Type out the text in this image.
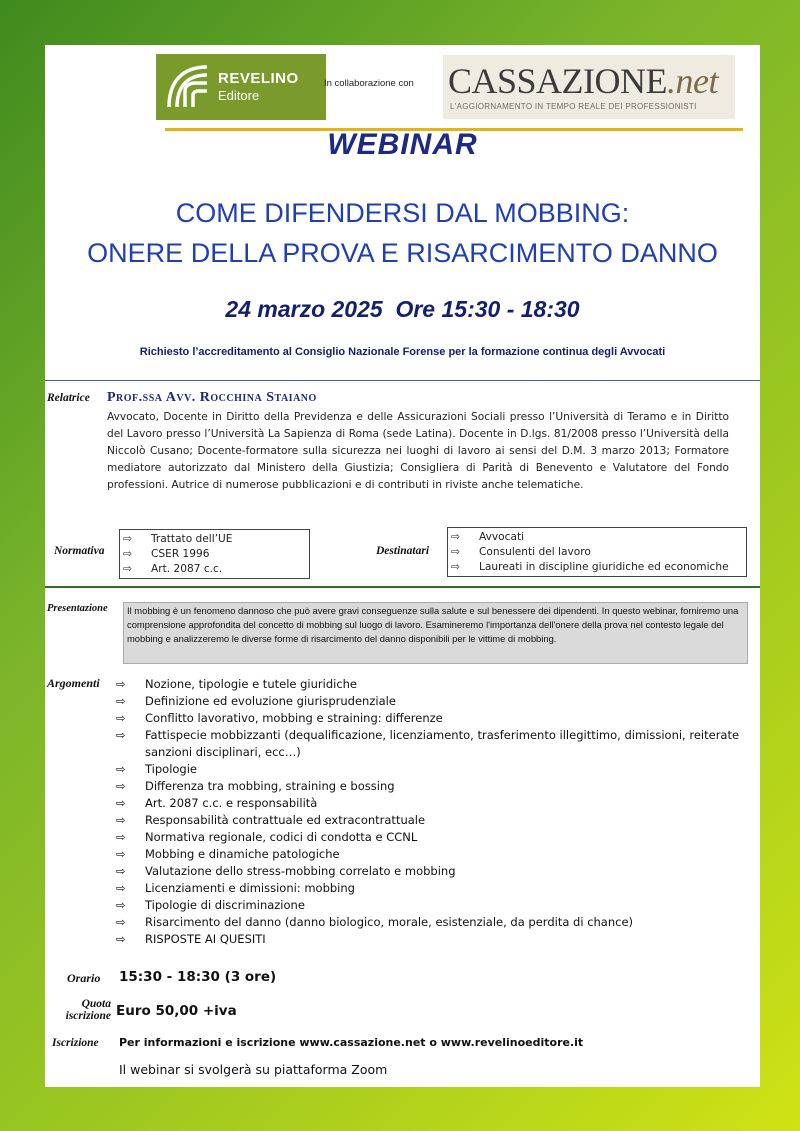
REVELINO
Editore
In collaborazione con CASSAZIONE.net
L'AGGIORNAMENTO IN TEMPO REALE DEI PROFESSIONISTI
WEBINAR
COME DIFENDERSI DAL MOBBING:
ONERE DELLA PROVA E RISARCIMENTO DANNO
24 marzo 2025  Ore 15:30 - 18:30
Richiesto l’accreditamento al Consiglio Nazionale Forense per la formazione continua degli Avvocati
Relatrice Prof.ssa Avv. Rocchina Staiano
Avvocato, Docente in Diritto della Previdenza e delle Assicurazioni Sociali presso l’Università di Teramo e in Diritto del Lavoro presso l’Università La Sapienza di Roma (sede Latina). Docente in D.lgs. 81/2008 presso l’Università della Niccolò Cusano; Docente-formatore sulla sicurezza nei luoghi di lavoro ai sensi del D.M. 3 marzo 2013; Formatore mediatore autorizzato dal Ministero della Giustizia; Consigliera di Parità di Benevento e Valutatore del Fondo professioni. Autrice di numerose pubblicazioni e di contributi in riviste anche telematiche.
Normativa
⇨ Trattato dell’UE
⇨ CSER 1996
⇨ Art. 2087 c.c.
Destinatari
⇨ Avvocati
⇨ Consulenti del lavoro
⇨ Laureati in discipline giuridiche ed economiche
Presentazione	Il mobbing è un fenomeno dannoso che può avere gravi conseguenze sulla salute e sul benessere dei dipendenti. In questo webinar, forniremo una comprensione approfondita del concetto di mobbing sul luogo di lavoro. Esamineremo l'importanza dell'onere della prova nel contesto legale del mobbing e analizzeremo le diverse forme di risarcimento del danno disponibili per le vittime di mobbing.
Argomenti ⇨ Nozione, tipologie e tutele giuridiche
⇨ Definizione ed evoluzione giurisprudenziale
⇨ Conflitto lavorativo, mobbing e straining: differenze
⇨ Fattispecie mobbizzanti (dequalificazione, licenziamento, trasferimento illegittimo, dimissioni, reiterate sanzioni disciplinari, ecc…)
⇨ Tipologie
⇨ Differenza tra mobbing, straining e bossing
⇨ Art. 2087 c.c. e responsabilità
⇨ Responsabilità contrattuale ed extracontrattuale
⇨ Normativa regionale, codici di condotta e CCNL
⇨ Mobbing e dinamiche patologiche
⇨ Valutazione dello stress-mobbing correlato e mobbing
⇨ Licenziamenti e dimissioni: mobbing
⇨ Tipologie di discriminazione
⇨ Risarcimento del danno (danno biologico, morale, esistenziale, da perdita di chance)
⇨ RISPOSTE AI QUESITI
Orario 15:30 - 18:30 (3 ore)
Quota
iscrizione Euro 50,00 +iva
Iscrizione Per informazioni e iscrizione www.cassazione.net o www.revelinoeditore.it
Il webinar si svolgerà su piattaforma Zoom
